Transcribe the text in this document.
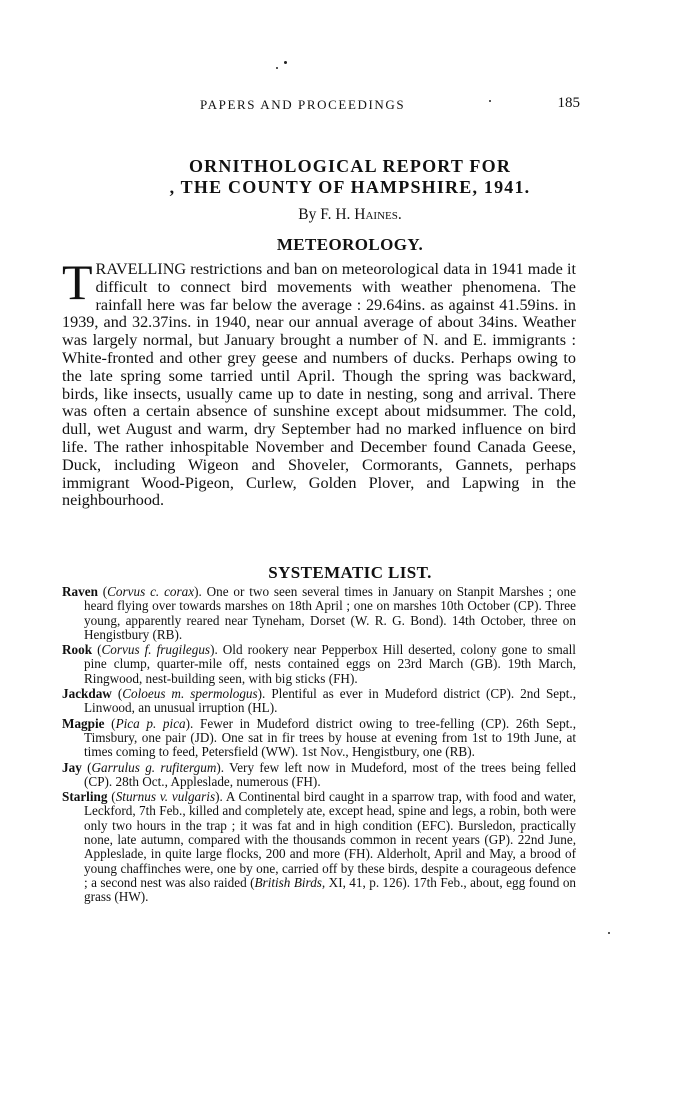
PAPERS AND PROCEEDINGS	185
ORNITHOLOGICAL REPORT FOR
, THE COUNTY OF HAMPSHIRE, 1941.
By F. H. Haines.
METEOROLOGY.
TRAVELLING restrictions and ban on meteorological data in 1941 made it difficult to connect bird movements with weather phenomena. The rainfall here was far below the average : 29.64ins. as against 41.59ins. in 1939, and 32.37ins. in 1940, near our annual average of about 34ins. Weather was largely normal, but January brought a number of N. and E. immigrants : White-fronted and other grey geese and numbers of ducks. Perhaps owing to the late spring some tarried until April. Though the spring was backward, birds, like insects, usually came up to date in nesting, song and arrival. There was often a certain absence of sunshine except about midsummer. The cold, dull, wet August and warm, dry September had no marked influence on bird life. The rather inhospitable November and December found Canada Geese, Duck, including Wigeon and Shoveler, Cormorants, Gannets, perhaps immigrant Wood-Pigeon, Curlew, Golden Plover, and Lapwing in the neighbourhood.
SYSTEMATIC LIST.

Raven (Corvus c. corax). One or two seen several times in January on Stanpit Marshes ; one heard flying over towards marshes on 18th April ; one on marshes 10th October (CP). Three young, apparently reared near Tyneham, Dorset (W. R. G. Bond). 14th October, three on Hengistbury (RB).

Rook (Corvus f. frugilegus). Old rookery near Pepperbox Hill deserted, colony gone to small pine clump, quarter-mile off, nests contained eggs on 23rd March (GB). 19th March, Ringwood, nest-building seen, with big sticks (FH).

Jackdaw (Coloeus m. spermologus). Plentiful as ever in Mudeford district (CP). 2nd Sept., Linwood, an unusual irruption (HL).

Magpie (Pica p. pica). Fewer in Mudeford district owing to tree-felling (CP). 26th Sept., Timsbury, one pair (JD). One sat in fir trees by house at evening from 1st to 19th June, at times coming to feed, Petersfield (WW). 1st Nov., Hengistbury, one (RB).

Jay (Garrulus g. rufitergum). Very few left now in Mudeford, most of the trees being felled (CP). 28th Oct., Appleslade, numerous (FH).

Starling (Sturnus v. vulgaris). A Continental bird caught in a sparrow trap, with food and water, Leckford, 7th Feb., killed and completely ate, except head, spine and legs, a robin, both were only two hours in the trap ; it was fat and in high condition (EFC). Bursledon, practically none, late autumn, compared with the thousands common in recent years (GP). 22nd June, Appleslade, in quite large flocks, 200 and more (FH). Alderholt, April and May, a brood of young chaffinches were, one by one, carried off by these birds, despite a courageous defence ; a second nest was also raided (British Birds, XI, 41, p. 126). 17th Feb., about, egg found on grass (HW).
